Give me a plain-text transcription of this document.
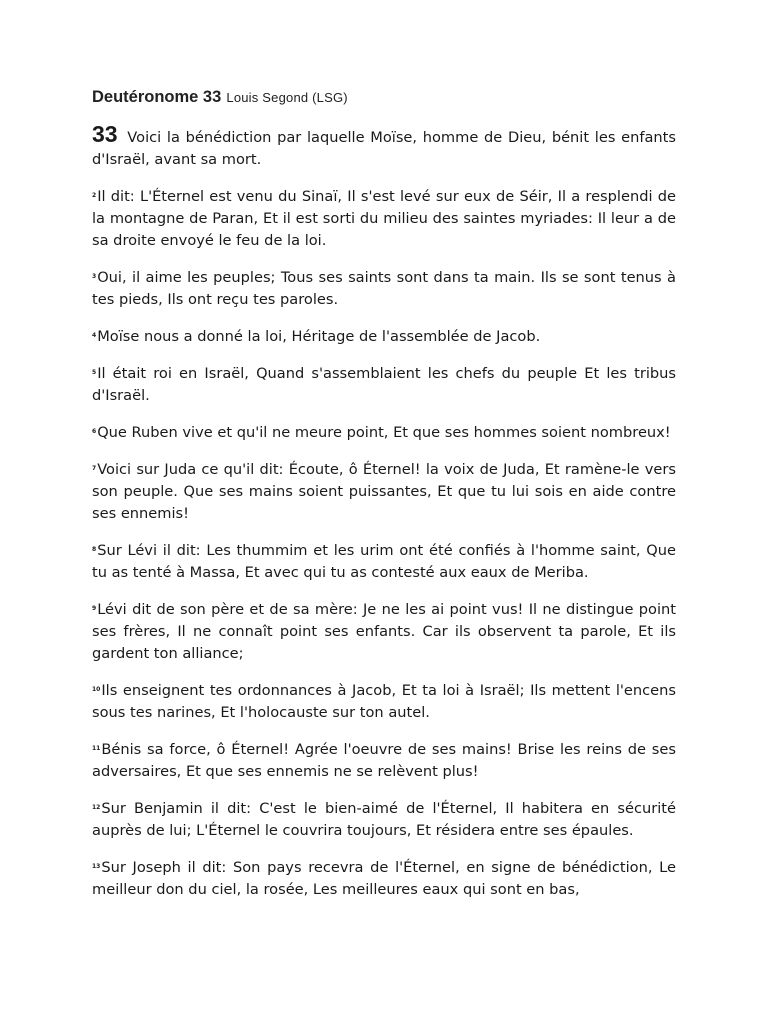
Deutéronome 33 Louis Segond (LSG)

33 Voici la bénédiction par laquelle Moïse, homme de Dieu, bénit les enfants d'Israël, avant sa mort.

$^2$Il dit: L'Éternel est venu du Sinaï, Il s'est levé sur eux de Séir, Il a resplendi de la montagne de Paran, Et il est sorti du milieu des saintes myriades: Il leur a de sa droite envoyé le feu de la loi.

$^3$Oui, il aime les peuples; Tous ses saints sont dans ta main. Ils se sont tenus à tes pieds, Ils ont reçu tes paroles.

$^4$Moïse nous a donné la loi, Héritage de l'assemblée de Jacob.

$^5$Il était roi en Israël, Quand s'assemblaient les chefs du peuple Et les tribus d'Israël.

$^6$Que Ruben vive et qu'il ne meure point, Et que ses hommes soient nombreux!

$^7$Voici sur Juda ce qu'il dit: Écoute, ô Éternel! la voix de Juda, Et ramène-le vers son peuple. Que ses mains soient puissantes, Et que tu lui sois en aide contre ses ennemis!

$^8$Sur Lévi il dit: Les thummim et les urim ont été confiés à l'homme saint, Que tu as tenté à Massa, Et avec qui tu as contesté aux eaux de Meriba.

$^9$Lévi dit de son père et de sa mère: Je ne les ai point vus! Il ne distingue point ses frères, Il ne connaît point ses enfants. Car ils observent ta parole, Et ils gardent ton alliance;

$^{10}$Ils enseignent tes ordonnances à Jacob, Et ta loi à Israël; Ils mettent l'encens sous tes narines, Et l'holocauste sur ton autel.

$^{11}$Bénis sa force, ô Éternel! Agrée l'oeuvre de ses mains! Brise les reins de ses adversaires, Et que ses ennemis ne se relèvent plus!

$^{12}$Sur Benjamin il dit: C'est le bien-aimé de l'Éternel, Il habitera en sécurité auprès de lui; L'Éternel le couvrira toujours, Et résidera entre ses épaules.

$^{13}$Sur Joseph il dit: Son pays recevra de l'Éternel, en signe de bénédiction, Le meilleur don du ciel, la rosée, Les meilleures eaux qui sont en bas,
